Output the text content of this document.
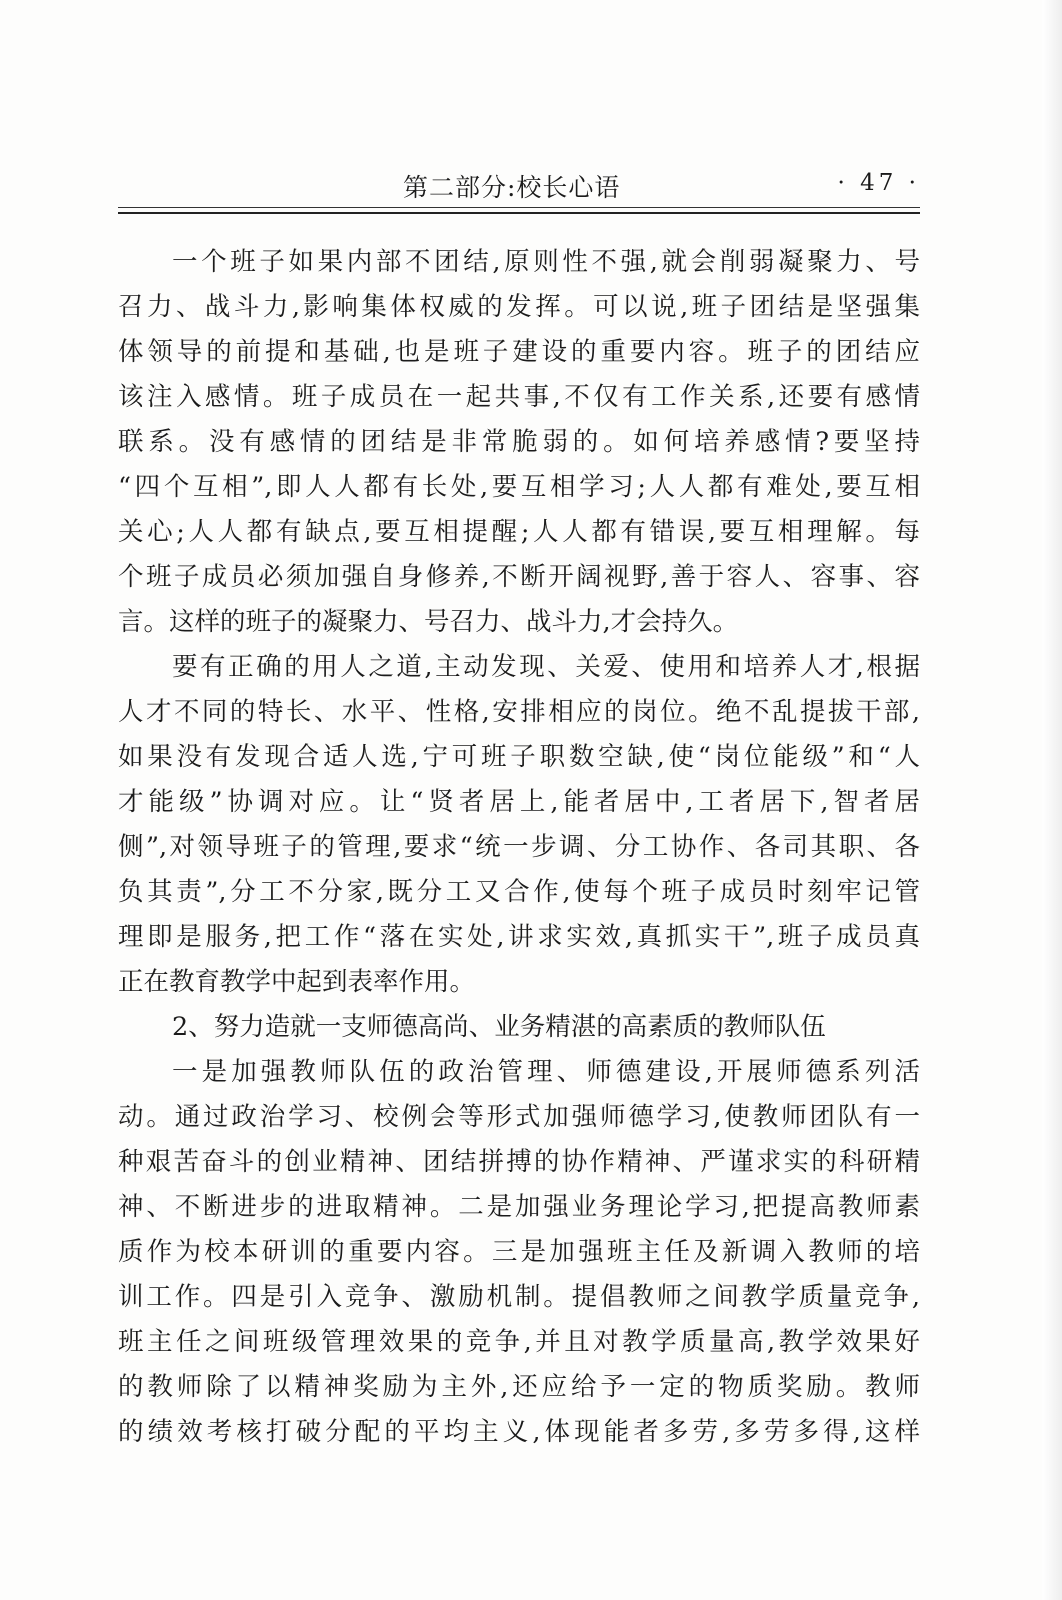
第二部分:校长心语	· 47 ·
一个班子如果内部不团结,原则性不强,就会削弱凝聚力、号
召力、战斗力,影响集体权威的发挥。可以说,班子团结是坚强集
体领导的前提和基础,也是班子建设的重要内容。班子的团结应
该注入感情。班子成员在一起共事,不仅有工作关系,还要有感情
联系。没有感情的团结是非常脆弱的。如何培养感情?要坚持
“四个互相”,即人人都有长处,要互相学习;人人都有难处,要互相
关心;人人都有缺点,要互相提醒;人人都有错误,要互相理解。每
个班子成员必须加强自身修养,不断开阔视野,善于容人、容事、容
言。这样的班子的凝聚力、号召力、战斗力,才会持久。
要有正确的用人之道,主动发现、关爱、使用和培养人才,根据
人才不同的特长、水平、性格,安排相应的岗位。绝不乱提拔干部,
如果没有发现合适人选,宁可班子职数空缺,使“岗位能级”和“人
才能级”协调对应。让“贤者居上,能者居中,工者居下,智者居
侧”,对领导班子的管理,要求“统一步调、分工协作、各司其职、各
负其责”,分工不分家,既分工又合作,使每个班子成员时刻牢记管
理即是服务,把工作“落在实处,讲求实效,真抓实干”,班子成员真
正在教育教学中起到表率作用。
2、努力造就一支师德高尚、业务精湛的高素质的教师队伍
一是加强教师队伍的政治管理、师德建设,开展师德系列活
动。通过政治学习、校例会等形式加强师德学习,使教师团队有一
种艰苦奋斗的创业精神、团结拼搏的协作精神、严谨求实的科研精
神、不断进步的进取精神。二是加强业务理论学习,把提高教师素
质作为校本研训的重要内容。三是加强班主任及新调入教师的培
训工作。四是引入竞争、激励机制。提倡教师之间教学质量竞争,
班主任之间班级管理效果的竞争,并且对教学质量高,教学效果好
的教师除了以精神奖励为主外,还应给予一定的物质奖励。教师
的绩效考核打破分配的平均主义,体现能者多劳,多劳多得,这样
